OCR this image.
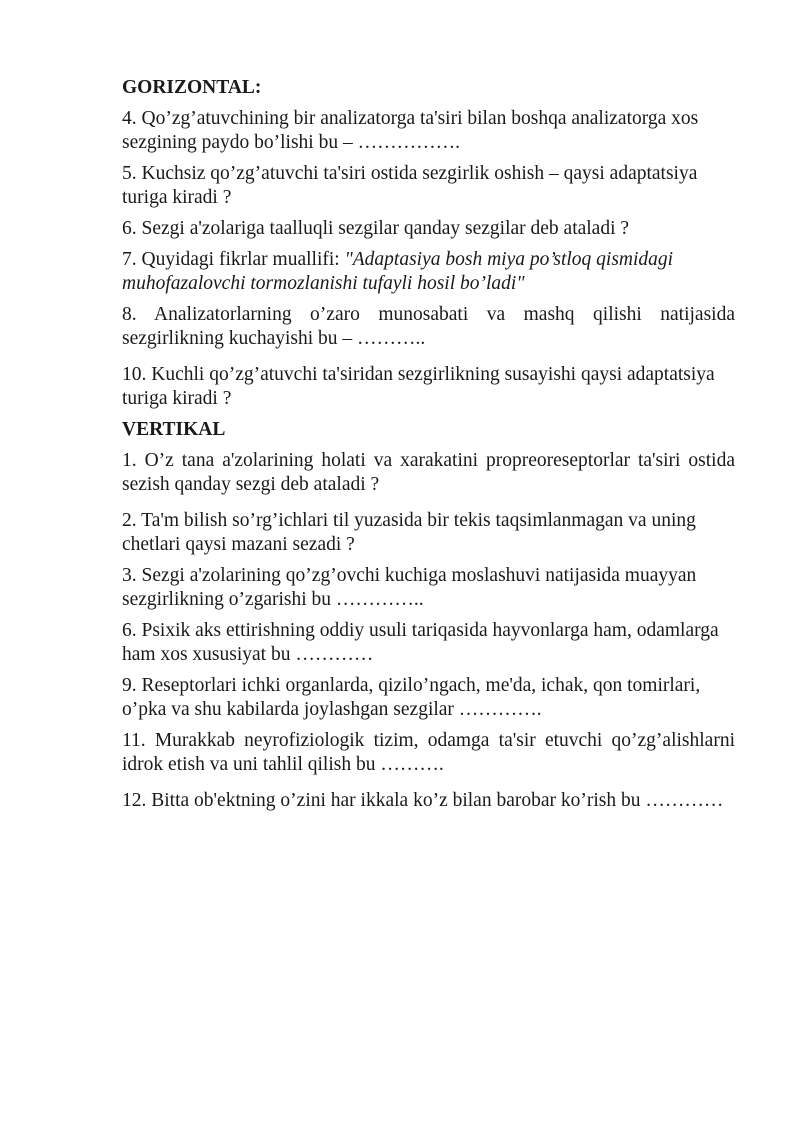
GORIZONTAL:
4. Qo’zg’atuvchining bir analizatorga ta'siri bilan boshqa analizatorga xos sezgining paydo bo’lishi bu – …………….
5. Kuchsiz qo’zg’atuvchi ta'siri ostida sezgirlik oshish – qaysi adaptatsiya turiga kiradi ?
6. Sezgi a'zolariga taalluqli sezgilar qanday sezgilar deb ataladi ?
7. Quyidagi fikrlar muallifi: "Adaptasiya bosh miya po’stloq qismidagi muhofazalovchi tormozlanishi tufayli hosil bo’ladi"
8. Analizatorlarning o’zaro munosabati va mashq qilishi natijasida sezgirlikning kuchayishi bu – ………..
10. Kuchli qo’zg’atuvchi ta'siridan sezgirlikning susayishi qaysi adaptatsiya turiga kiradi ?
VERTIKAL
1. O’z tana a'zolarining holati va xarakatini propreoreseptorlar ta'siri ostida sezish qanday sezgi deb ataladi ?
2. Ta'm bilish so’rg’ichlari til yuzasida bir tekis taqsimlanmagan va uning chetlari qaysi mazani sezadi ?
3. Sezgi a'zolarining qo’zg’ovchi kuchiga moslashuvi natijasida muayyan sezgirlikning o’zgarishi bu …………..
6. Psixik aks ettirishning oddiy usuli tariqasida hayvonlarga ham, odamlarga ham xos xususiyat bu …………
9. Reseptorlari ichki organlarda, qizilo’ngach, me'da, ichak, qon tomirlari, o’pka va shu kabilarda joylashgan sezgilar ………….
11. Murakkab neyrofiziologik tizim, odamga ta'sir etuvchi qo’zg’alishlarni idrok etish va uni tahlil qilish bu ……….
12. Bitta ob'ektning o’zini har ikkala ko’z bilan barobar ko’rish bu …………
